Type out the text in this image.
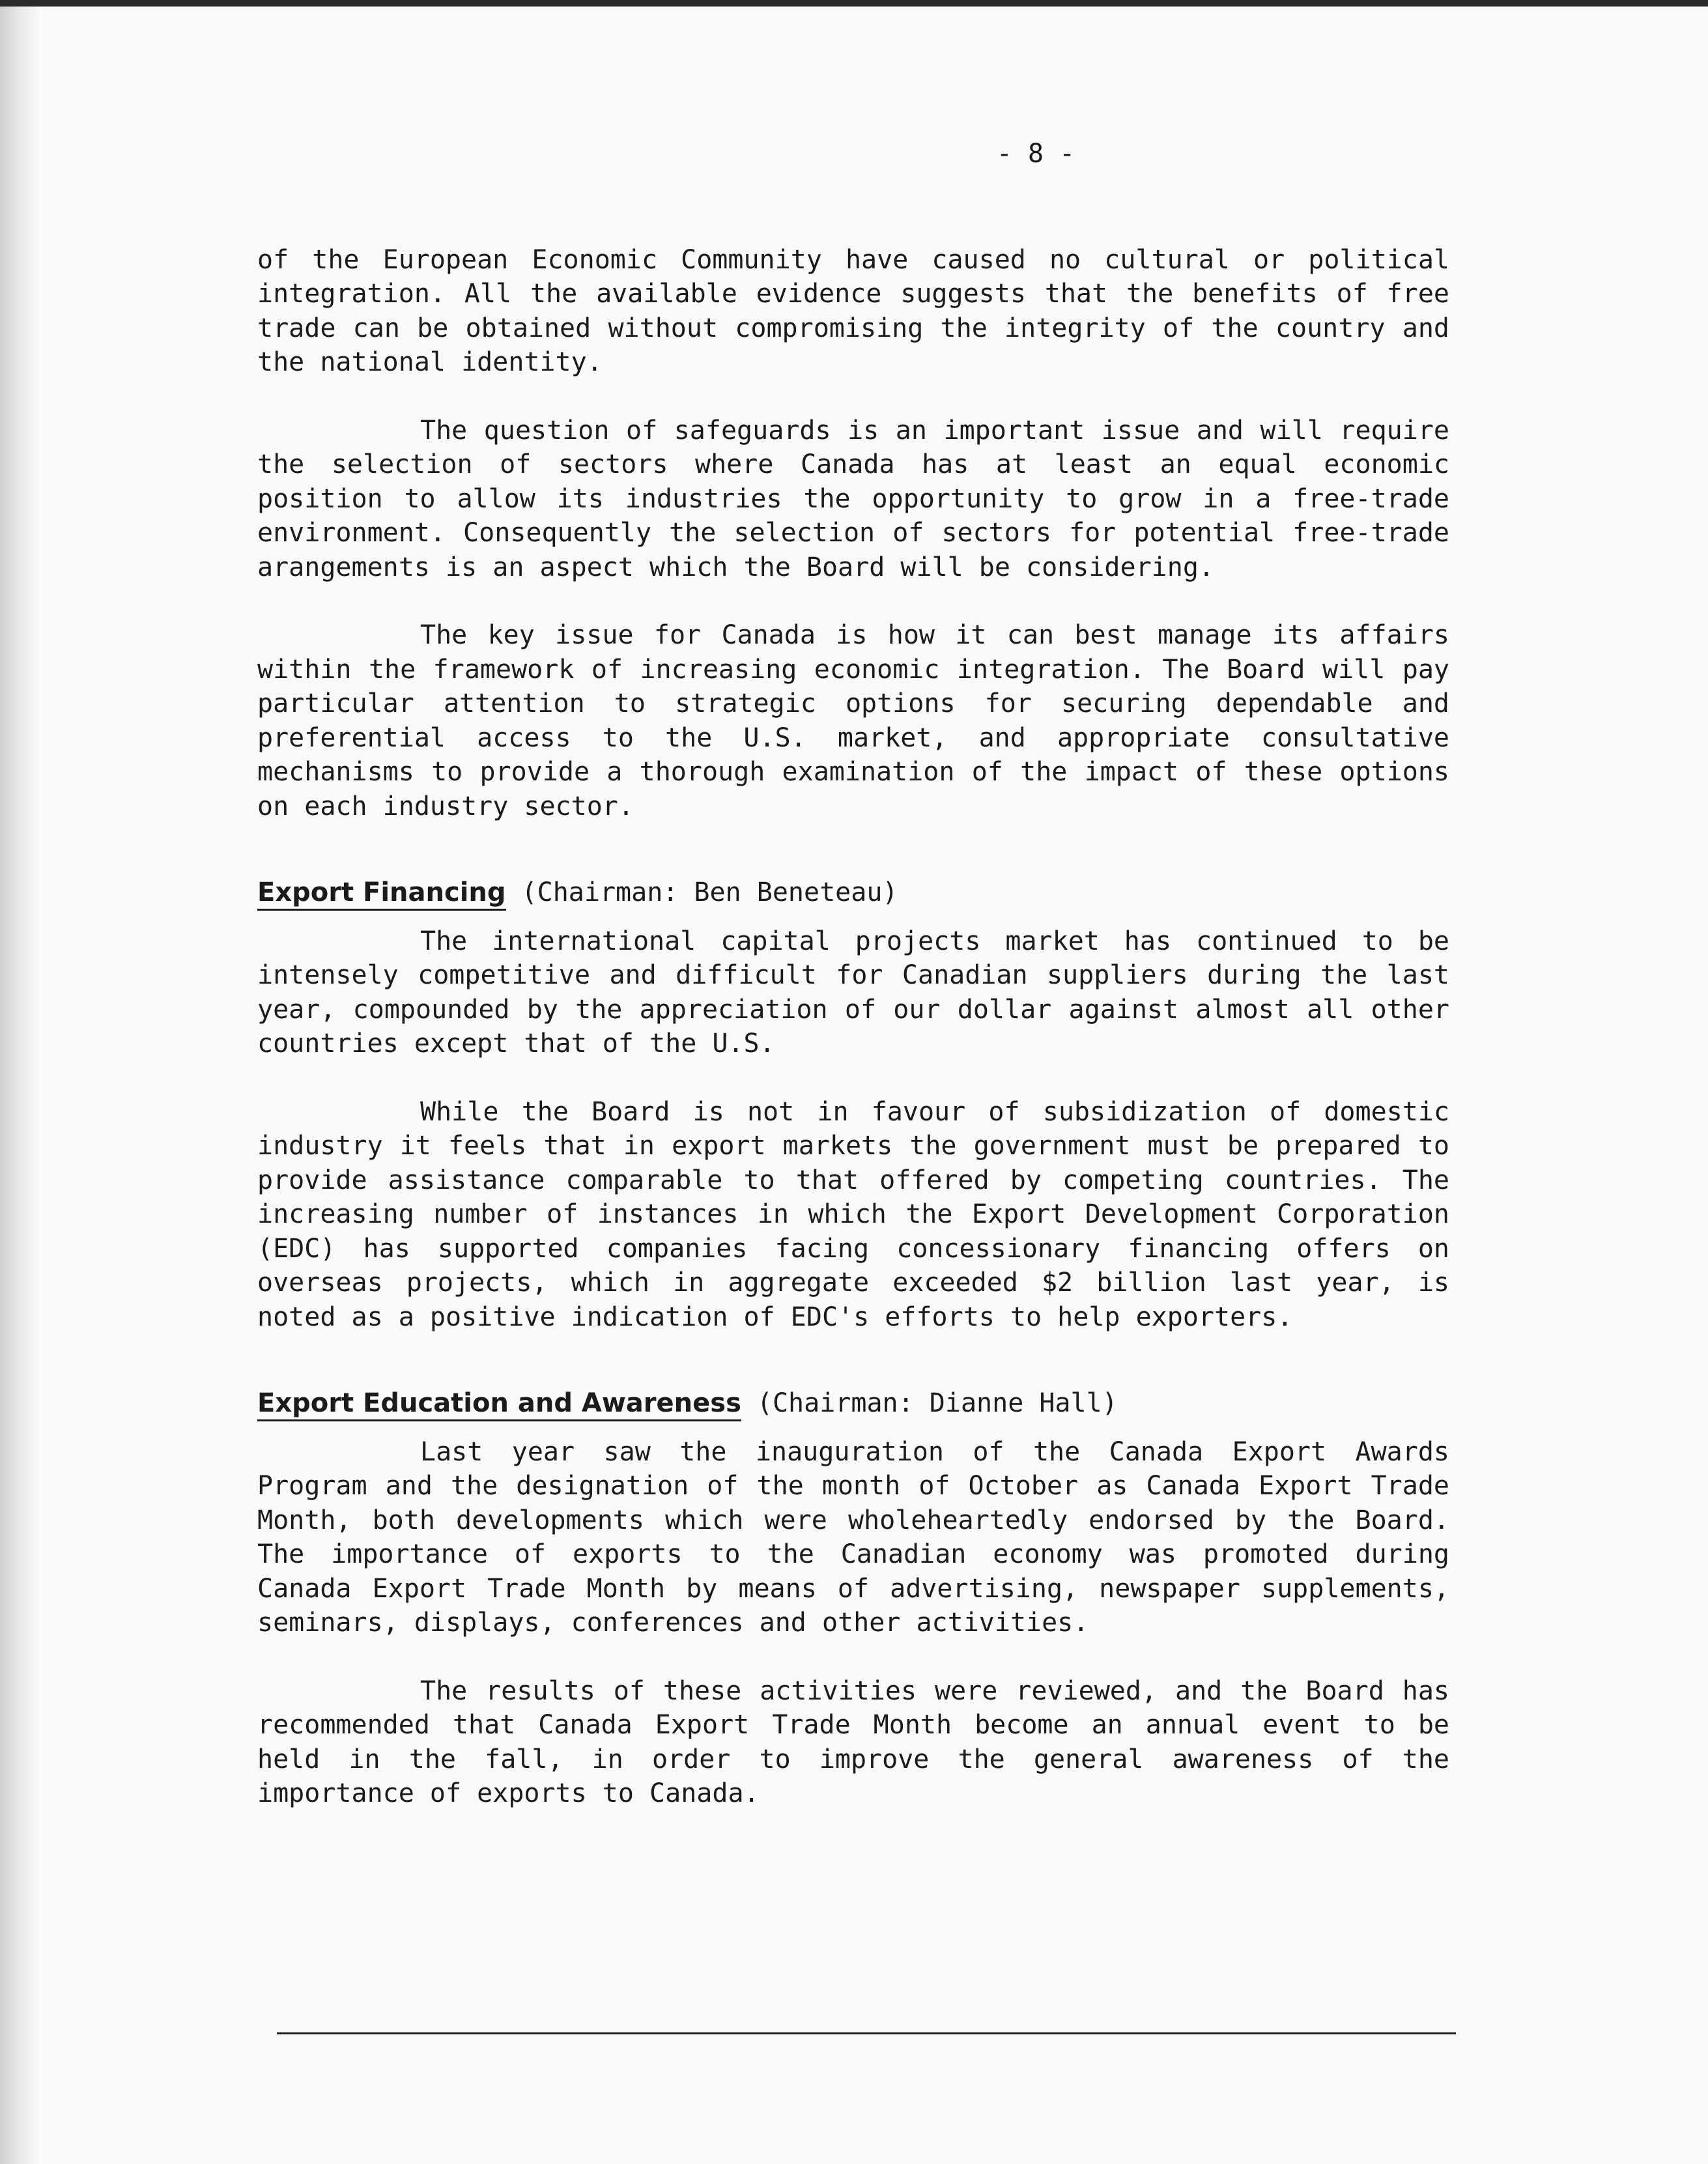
- 8 -

of the European Economic Community have caused no cultural or political integration. All the available evidence suggests that the benefits of free trade can be obtained without compromising the integrity of the country and the national identity.

The question of safeguards is an important issue and will require the selection of sectors where Canada has at least an equal economic position to allow its industries the opportunity to grow in a free-trade environment. Consequently the selection of sectors for potential free-trade arangements is an aspect which the Board will be considering.

The key issue for Canada is how it can best manage its affairs within the framework of increasing economic integration. The Board will pay particular attention to strategic options for securing dependable and preferential access to the U.S. market, and appropriate consultative mechanisms to provide a thorough examination of the impact of these options on each industry sector.

Export Financing (Chairman: Ben Beneteau)

The international capital projects market has continued to be intensely competitive and difficult for Canadian suppliers during the last year, compounded by the appreciation of our dollar against almost all other countries except that of the U.S.

While the Board is not in favour of subsidization of domestic industry it feels that in export markets the government must be prepared to provide assistance comparable to that offered by competing countries. The increasing number of instances in which the Export Development Corporation (EDC) has supported companies facing concessionary financing offers on overseas projects, which in aggregate exceeded $2 billion last year, is noted as a positive indication of EDC's efforts to help exporters.

Export Education and Awareness (Chairman: Dianne Hall)

Last year saw the inauguration of the Canada Export Awards Program and the designation of the month of October as Canada Export Trade Month, both developments which were wholeheartedly endorsed by the Board. The importance of exports to the Canadian economy was promoted during Canada Export Trade Month by means of advertising, newspaper supplements, seminars, displays, conferences and other activities.

The results of these activities were reviewed, and the Board has recommended that Canada Export Trade Month become an annual event to be held in the fall, in order to improve the general awareness of the importance of exports to Canada.
